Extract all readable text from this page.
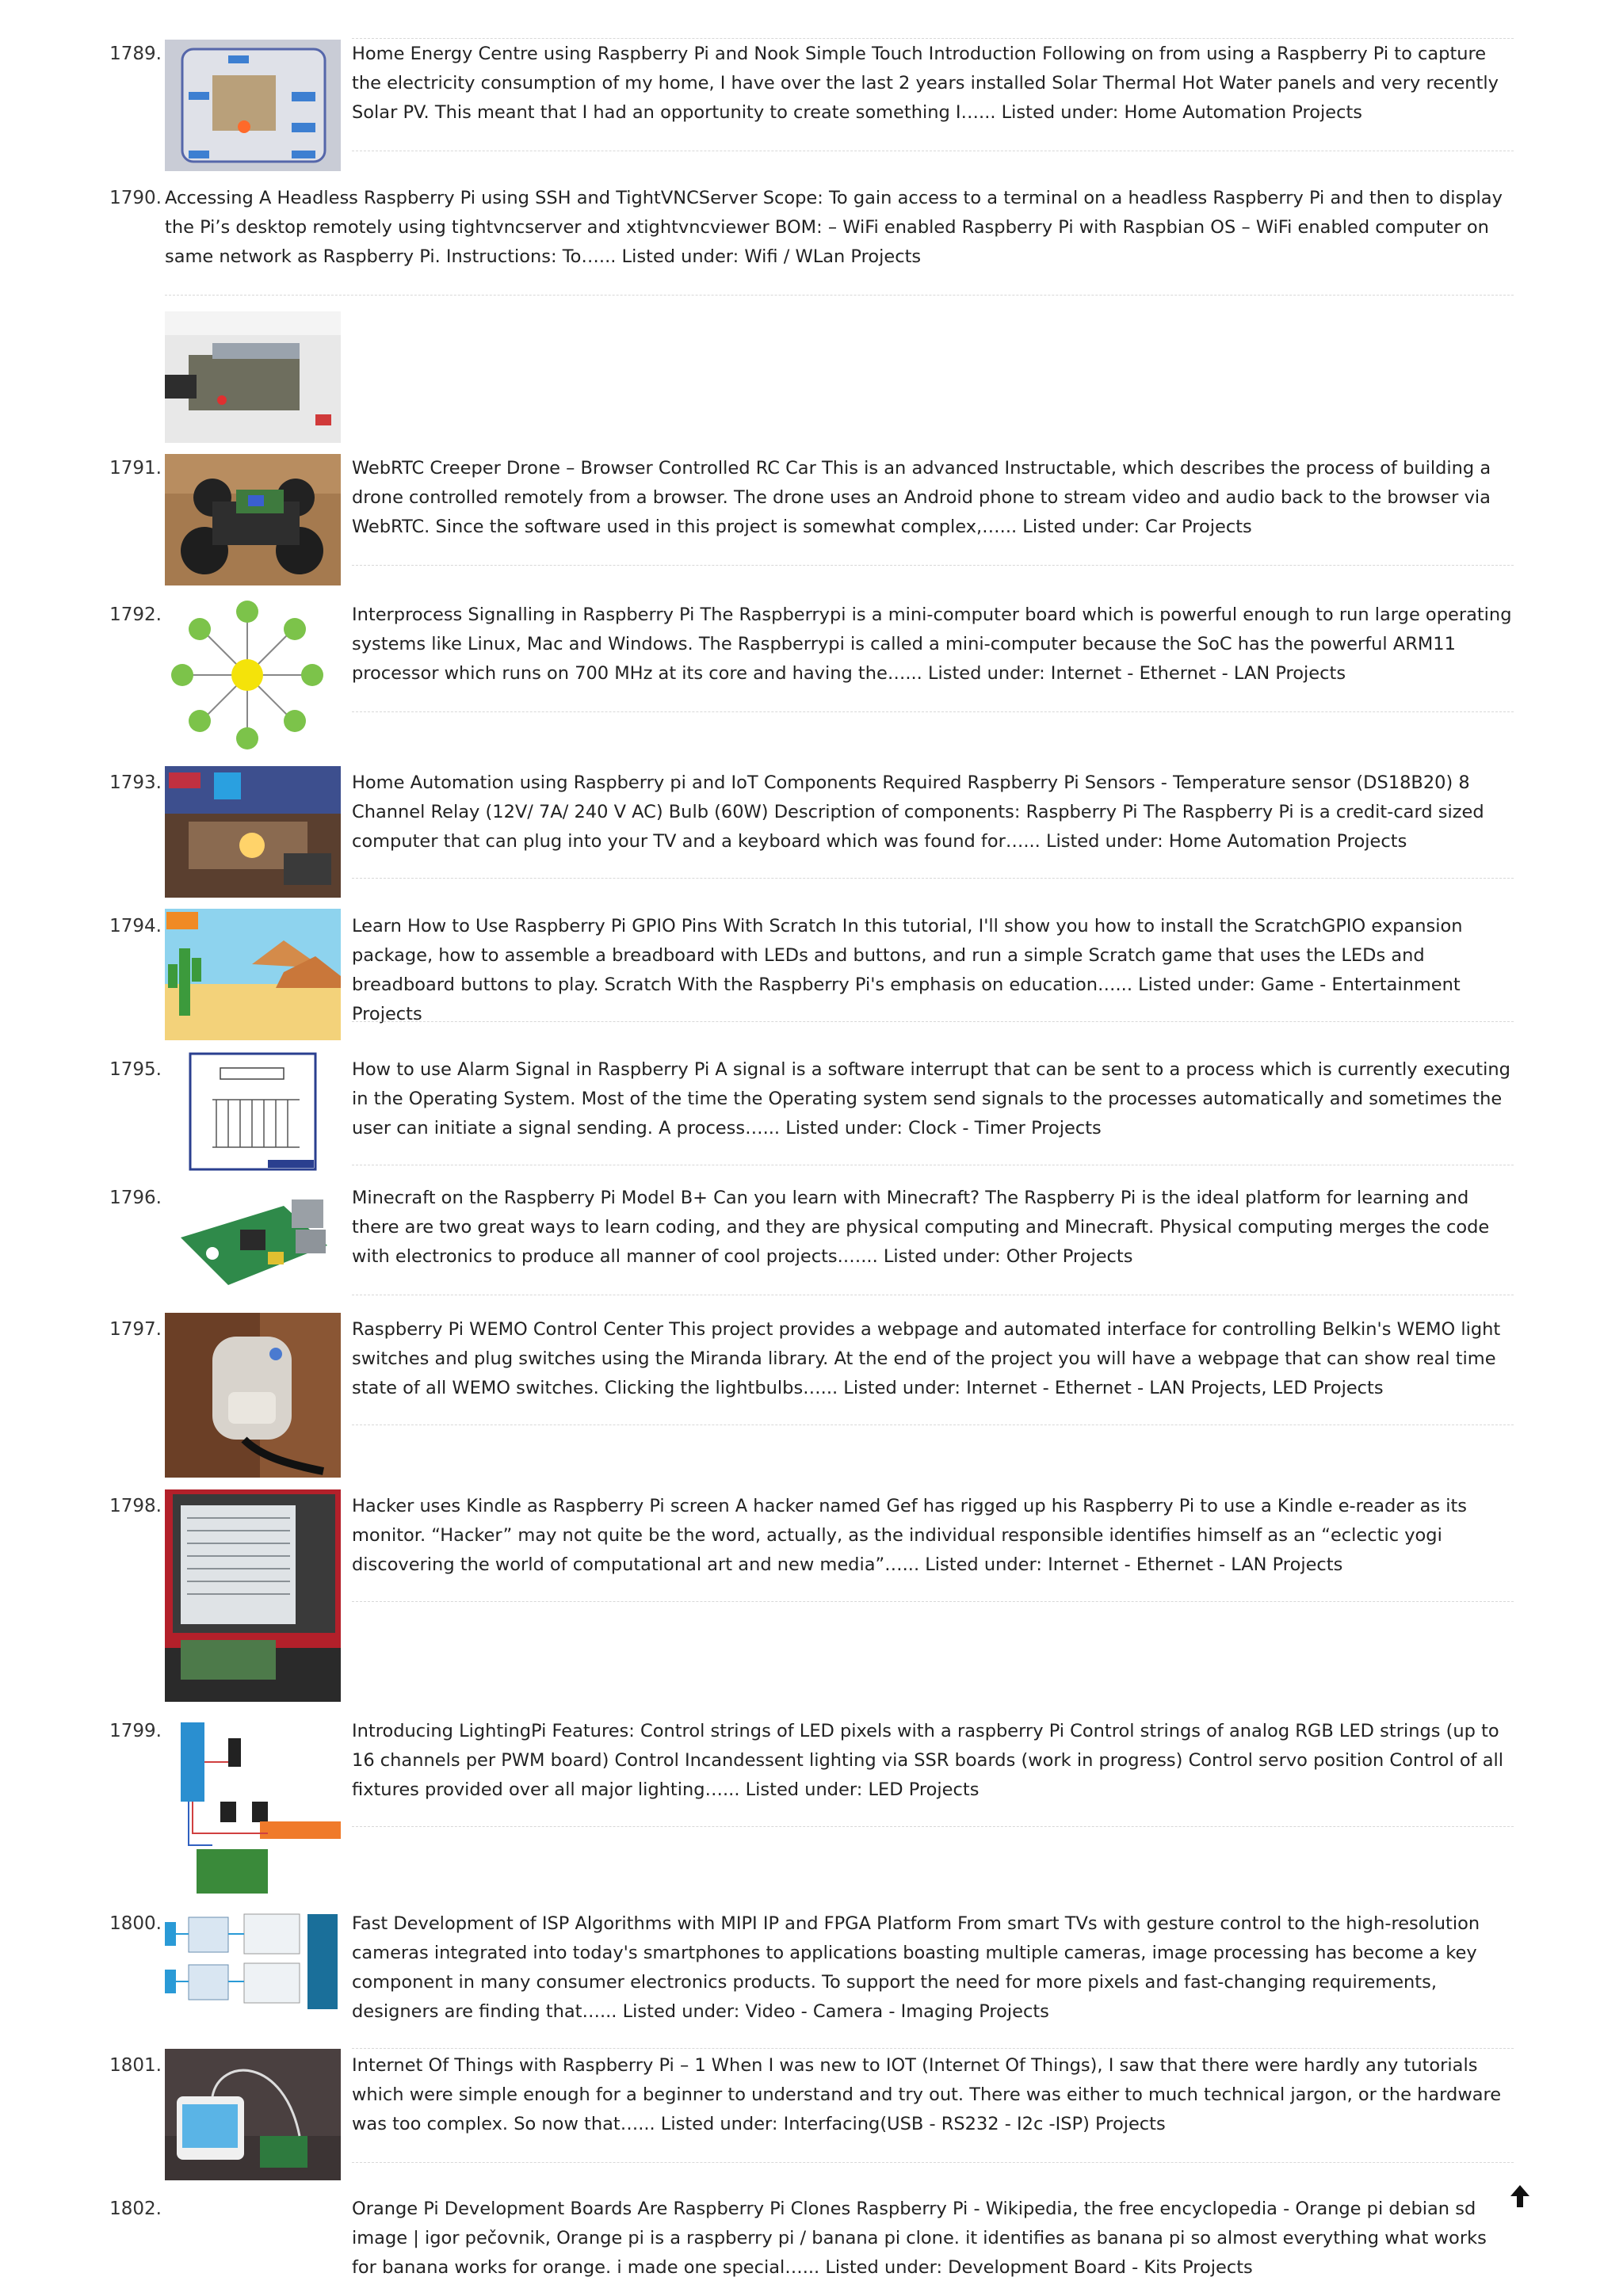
1789.	Home Energy Centre using Raspberry Pi and Nook Simple Touch Introduction Following on from using a Raspberry Pi to capture the electricity consumption of my home, I have over the last 2 years installed Solar Thermal Hot Water panels and very recently Solar PV. This meant that I had an opportunity to create something I…... Listed under: Home Automation Projects
1790. Accessing A Headless Raspberry Pi using SSH and TightVNCServer Scope: To gain access to a terminal on a headless Raspberry Pi and then to display the Pi’s desktop remotely using tightvncserver and xtightvncviewer BOM: – WiFi enabled Raspberry Pi with Raspbian OS – WiFi enabled computer on same network as Raspberry Pi. Instructions: To…... Listed under: Wifi / WLan Projects
1791.	WebRTC Creeper Drone – Browser Controlled RC Car This is an advanced Instructable, which describes the process of building a drone controlled remotely from a browser. The drone uses an Android phone to stream video and audio back to the browser via WebRTC. Since the software used in this project is somewhat complex,…... Listed under: Car Projects
1792.	Interprocess Signalling in Raspberry Pi The Raspberrypi is a mini-computer board which is powerful enough to run large operating systems like Linux, Mac and Windows. The Raspberrypi is called a mini-computer because the SoC has the powerful ARM11 processor which runs on 700 MHz at its core and having the…... Listed under: Internet - Ethernet - LAN Projects
1793.	Home Automation using Raspberry pi and IoT Components Required Raspberry Pi Sensors - Temperature sensor (DS18B20) 8 Channel Relay (12V/ 7A/ 240 V AC) Bulb (60W) Description of components: Raspberry Pi The Raspberry Pi is a credit-card sized computer that can plug into your TV and a keyboard which was found for…... Listed under: Home Automation Projects
1794.	Learn How to Use Raspberry Pi GPIO Pins With Scratch In this tutorial, I'll show you how to install the ScratchGPIO expansion package, how to assemble a breadboard with LEDs and buttons, and run a simple Scratch game that uses the LEDs and breadboard buttons to play. Scratch With the Raspberry Pi's emphasis on education…... Listed under: Game - Entertainment Projects
1795.	How to use Alarm Signal in Raspberry Pi A signal is a software interrupt that can be sent to a process which is currently executing in the Operating System. Most of the time the Operating system send signals to the processes automatically and sometimes the user can initiate a signal sending. A process…... Listed under: Clock - Timer Projects
1796.	Minecraft on the Raspberry Pi Model B+ Can you learn with Minecraft? The Raspberry Pi is the ideal platform for learning and there are two great ways to learn coding, and they are physical computing and Minecraft. Physical computing merges the code with electronics to produce all manner of cool projects.…... Listed under: Other Projects
1797.	Raspberry Pi WEMO Control Center This project provides a webpage and automated interface for controlling Belkin's WEMO light switches and plug switches using the Miranda library. At the end of the project you will have a webpage that can show real time state of all WEMO switches. Clicking the lightbulbs…... Listed under: Internet - Ethernet - LAN Projects, LED Projects
1798.	Hacker uses Kindle as Raspberry Pi screen A hacker named Gef has rigged up his Raspberry Pi to use a Kindle e-reader as its monitor. “Hacker” may not quite be the word, actually, as the individual responsible identifies himself as an “eclectic yogi discovering the world of computational art and new media”…... Listed under: Internet - Ethernet - LAN Projects
1799.	Introducing LightingPi Features: Control strings of LED pixels with a raspberry Pi Control strings of analog RGB LED strings (up to 16 channels per PWM board) Control Incandessent lighting via SSR boards (work in progress) Control servo position Control of all fixtures provided over all major lighting…... Listed under: LED Projects
1800.	Fast Development of ISP Algorithms with MIPI IP and FPGA Platform From smart TVs with gesture control to the high-resolution cameras integrated into today's smartphones to applications boasting multiple cameras, image processing has become a key component in many consumer electronics products. To support the need for more pixels and fast-changing requirements, designers are finding that…... Listed under: Video - Camera - Imaging Projects
1801.	Internet Of Things with Raspberry Pi – 1 When I was new to IOT (Internet Of Things), I saw that there were hardly any tutorials which were simple enough for a beginner to understand and try out. There was either to much technical jargon, or the hardware was too complex. So now that…... Listed under: Interfacing(USB - RS232 - I2c -ISP) Projects
1802.	Orange Pi Development Boards Are Raspberry Pi Clones Raspberry Pi - Wikipedia, the free encyclopedia - Orange pi debian sd image | igor pečovnik, Orange pi is a raspberry pi / banana pi clone. it identifies as banana pi so almost everything what works for banana works for orange. i made one special…... Listed under: Development Board - Kits Projects
